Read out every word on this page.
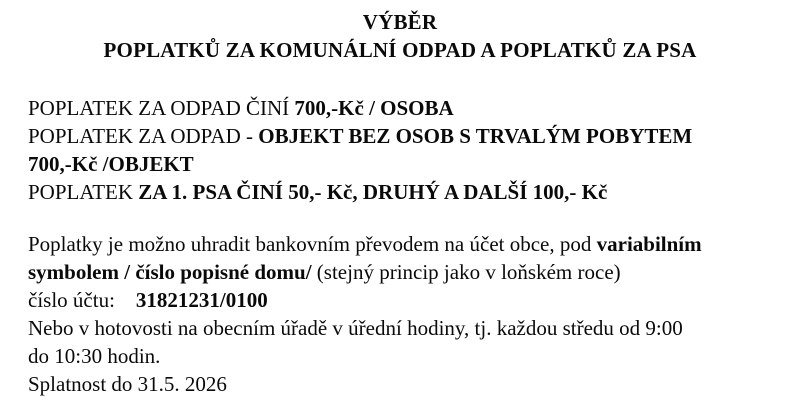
VÝBĚR
POPLATKŮ ZA KOMUNÁLNÍ ODPAD A POPLATKŮ ZA PSA
POPLATEK ZA ODPAD ČINÍ 700,-Kč / OSOBA
POPLATEK ZA ODPAD - OBJEKT BEZ OSOB S TRVALÝM POBYTEM
700,-Kč /OBJEKT
POPLATEK ZA 1. PSA ČINÍ 50,- Kč, DRUHÝ A DALŠÍ 100,- Kč
Poplatky je možno uhradit bankovním převodem na účet obce, pod variabilním
symbolem / číslo popisné domu/ (stejný princip jako v loňském roce)
číslo účtu:    31821231/0100
Nebo v hotovosti na obecním úřadě v úřední hodiny, tj. každou středu od 9:00
do 10:30 hodin.
Splatnost do 31.5. 2026
